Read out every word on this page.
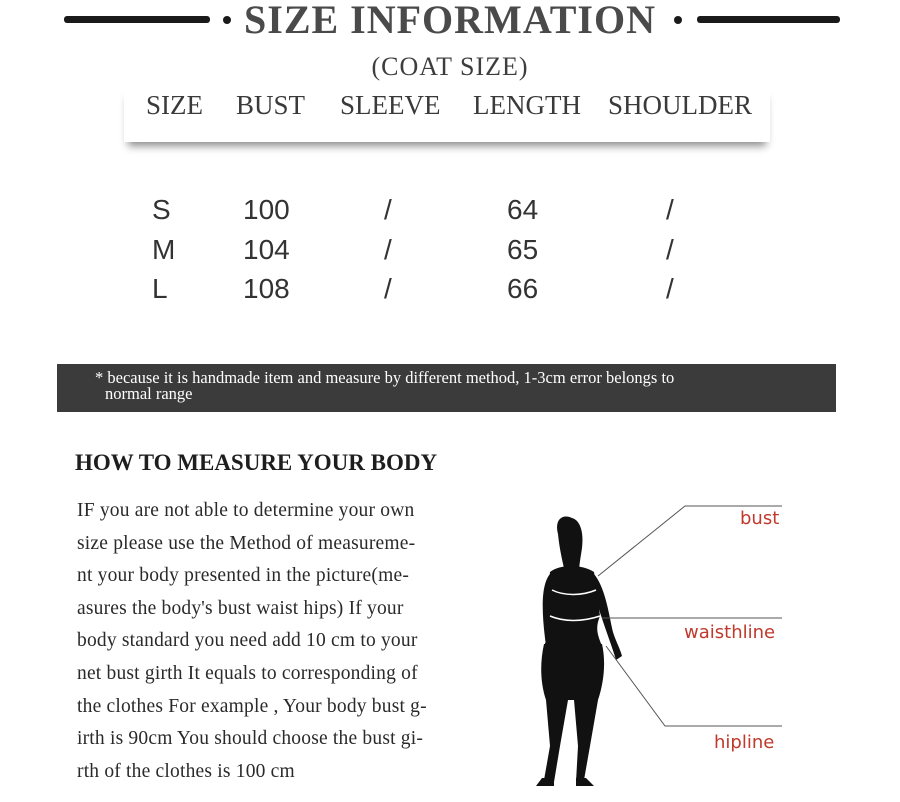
SIZE INFORMATION
(COAT SIZE)
SIZE BUST SLEEVE LENGTH SHOULDER
S	100	/	64	/
M 104	/	65	/
L	108	/	66	/
* because it is handmade item and measure by different method, 1-3cm error belongs to
normal range
HOW TO MEASURE YOUR BODY
IF you are not able to determine your own
size please use the Method of measureme-
nt your body presented in the picture(me-
asures the body's bust waist hips) If your
body standard you need add 10 cm to your
net bust girth It equals to corresponding of
the clothes For example , Your body bust g-
irth is 90cm You should choose the bust gi-
rth of the clothes is 100 cm
bust
waisthline
hipline
